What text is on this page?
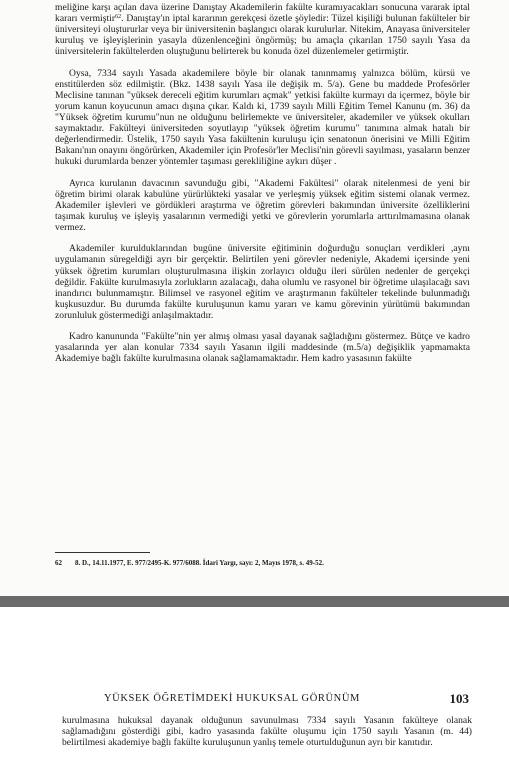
meliğine karşı açılan dava üzerine Danıştay Akademilerin fakülte kuramıyacakları sonucuna vararak iptal kararı vermiştir$^{62}$. Danıştay'ın iptal kararının gerekçesi özetle şöyledir: Tüzel kişiliği bulunan fakülteler bir üniversiteyi oluştururlar veya bir üniversitenin başlangıcı olarak kurulurlar. Nitekim, Anayasa üniversiteler kuruluş ve işleyişlerinin yasayla düzenlenceğini öngörmüş; bu amaçla çıkarılan 1750 sayılı Yasa da üniversitelerin fakültelerden oluştuğunu belirterek bu konuda özel düzenlemeler getirmiştir.

Oysa, 7334 sayılı Yasada akademilere böyle bir olanak tanınmamış yalnızca bölüm, kürsü ve enstitülerden söz edilmiştir. (Bkz. 1438 sayılı Yasa ile değişik m. 5/a). Gene bu maddede Profesörler Meclisine tanınan "yüksek dereceli eğitim kurumları açmak" yetkisi fakülte kurmayı da içermez, böyle bir yorum kanun koyucunun amacı dışına çıkar. Kaldı ki, 1739 sayılı Milli Eğitim Temel Kanunu (m. 36) da "Yüksek öğretim kurumu"nun ne olduğunu belirlemekte ve üniversiteler, akademiler ve yüksek okulları saymaktadır. Fakülteyi üniversiteden soyutlayıp "yüksek öğretim kurumu" tanımına almak hatalı bir değerlendirmedir. Üstelik, 1750 sayılı Yasa fakültenin kuruluşu için senatonun önerisini ve Milli Eğitim Bakanı'nın onayını öngörürken, Akademiler için Profesör'ler Meclisi'nin görevli sayılması, yasaların benzer hukuki durumlarda benzer yöntemler taşıması gerekliliğine aykırı düşer .

Ayrıca kurulanın davacının savunduğu gibi, "Akademi Fakültesi" olarak nitelenmesi de yeni bir öğretim birimi olarak kabulüne yürürlükteki yasalar ve yerleşmiş yüksek eğitim sistemi olanak vermez. Akademiler işlevleri ve gördükleri araştırma ve öğretim görevleri bakımından üniversite özelliklerini taşımak kuruluş ve işleyiş yasalarının vermediği yetki ve görevlerin yorumlarla arttırılmamasına olanak vermez.

Akademiler kuruldukları​ndan bugüne üniversite eğitiminin doğurduğu sonuçları verdikleri ,aynı uygulamanın süregeldiği ayrı bir gerçektir. Belirtilen yeni görevler nedeniyle, Akademi içersinde yeni yüksek öğretim kurumları oluşturulmasına ilişkin zorlayıcı olduğu ileri sürülen nedenler de gerçekçi değildir. Fakülte kurulmasıyla zorlukların azalacağı, daha olumlu ve rasyonel bir öğretime ulaşılacağı savı inandırıcı bulunmamıştır. Bilimsel ve rasyonel eğitim ve araştırmanın fakülteler tekelinde bulunmadığı kuşkusuzdur. Bu durumda fakülte kuruluşunun kamu yararı ve kamu görevinin yürütümü bakımından zorunluluk göstermediği anlaşılmaktadır.

Kadro kanununda "Fakülte"nin yer almış olması yasal dayanak sağladığını göstermez. Bütçe ve kadro yasalarında yer alan konular 7334 sayılı Yasanın ilgili maddesinde (m.5/a) değişiklik yapmamakta Akademiye bağlı fakülte kurulmasına olanak sağlamamaktadır. Hem kadro yasasının fakülte

62 8. D., 14.11.1977, E. 977/2495-K. 977/6088. İdari Yargı, sayı: 2, Mayıs 1978, s. 49-52.
YÜKSEK ÖĞRETİMDEKİ HUKUKSAL GÖRÜNÜM	103

kurulmasına hukuksal dayanak olduğunun savunulması 7334 sayılı Yasanın fakülteye olanak sağlamadığını gösterdiği gibi, kadro yasasında fakülte oluşumu için 1750 sayılı Yasanın (m. 44) belirtilmesi akademiye bağlı fakülte kuruluşunun yanlış temele oturtulduğunun ayrı bir kanıtıdır.
